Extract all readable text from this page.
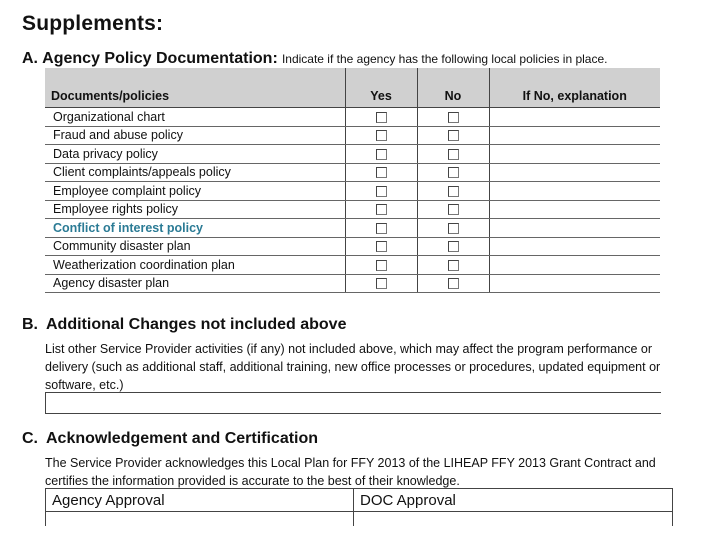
Supplements:
A. Agency Policy Documentation: Indicate if the agency has the following local policies in place.
Documents/policies	Yes	No	If No, explanation
Organizational chart			
Fraud and abuse policy			
Data privacy policy			
Client complaints/appeals policy			
Employee complaint policy			
Employee rights policy			
Conflict of interest policy			
Community disaster plan			
Weatherization coordination plan			
Agency disaster plan			
B. Additional Changes not included above
List other Service Provider activities (if any) not included above, which may affect the program performance or delivery (such as additional staff, additional training, new office processes or procedures, updated equipment or software, etc.)
C. Acknowledgement and Certification
The Service Provider acknowledges this Local Plan for FFY 2013 of the LIHEAP FFY 2013 Grant Contract and certifies the information provided is accurate to the best of their knowledge.
Agency Approval	DOC Approval
